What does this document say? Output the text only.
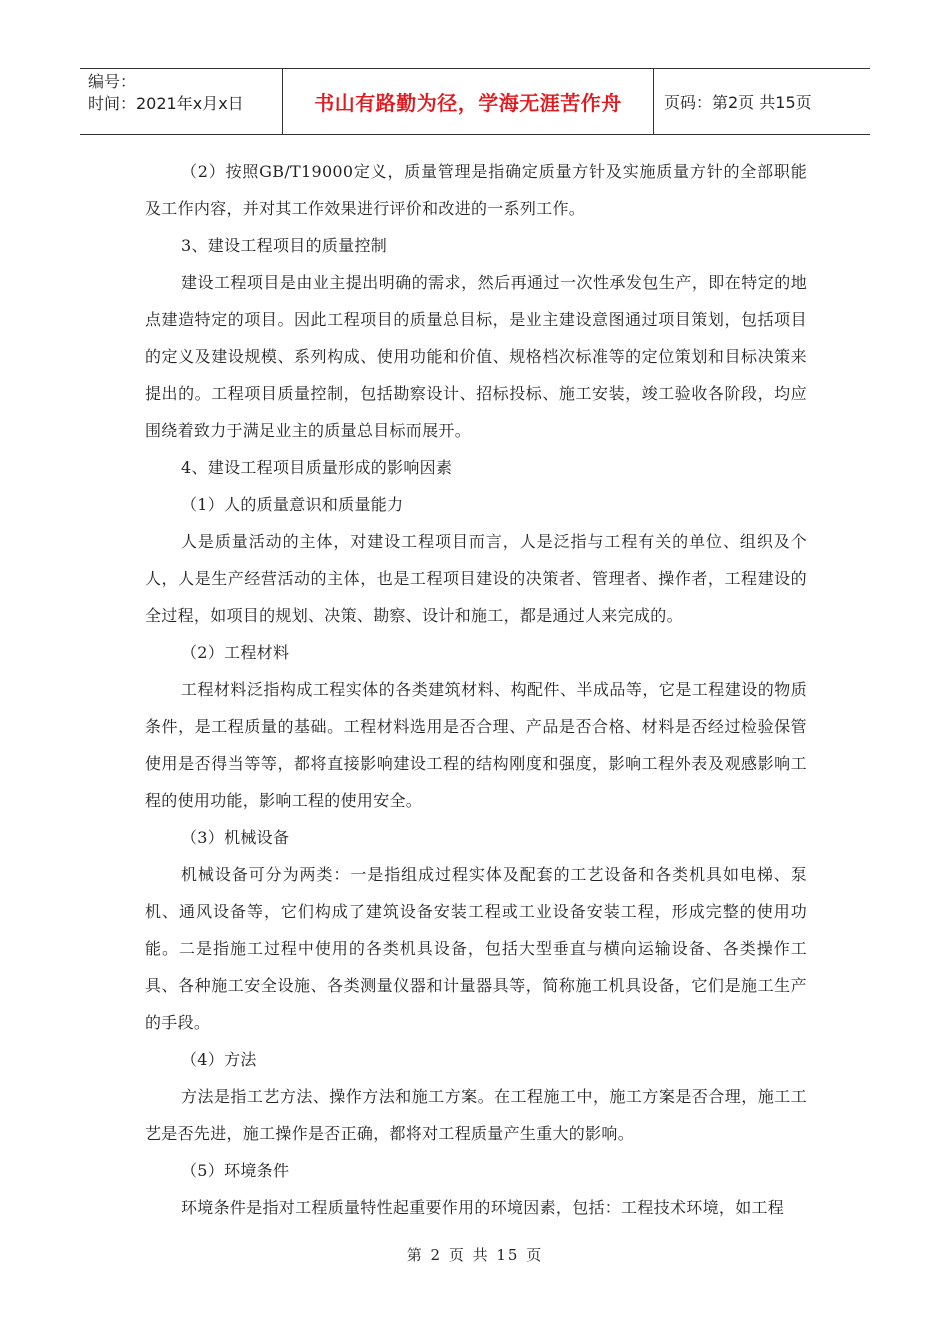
编号：
时间：2021年x月x日	书山有路勤为径，学海无涯苦作舟	页码：第2页 共15页

（2）按照GB/T19000定义，质量管理是指确定质量方针及实施质量方针的全部职能及工作内容，并对其工作效果进行评价和改进的一系列工作。

3、建设工程项目的质量控制

建设工程项目是由业主提出明确的需求，然后再通过一次性承发包生产，即在特定的地点建造特定的项目。因此工程项目的质量总目标，是业主建设意图通过项目策划，包括项目的定义及建设规模、系列构成、使用功能和价值、规格档次标准等的定位策划和目标决策来提出的。工程项目质量控制，包括勘察设计、招标投标、施工安装，竣工验收各阶段，均应围绕着致力于满足业主的质量总目标而展开。

4、建设工程项目质量形成的影响因素

（1）人的质量意识和质量能力

人是质量活动的主体，对建设工程项目而言，人是泛指与工程有关的单位、组织及个人，人是生产经营活动的主体，也是工程项目建设的决策者、管理者、操作者，工程建设的全过程，如项目的规划、决策、勘察、设计和施工，都是通过人来完成的。

（2）工程材料

工程材料泛指构成工程实体的各类建筑材料、构配件、半成品等，它是工程建设的物质条件，是工程质量的基础。工程材料选用是否合理、产品是否合格、材料是否经过检验保管使用是否得当等等，都将直接影响建设工程的结构刚度和强度，影响工程外表及观感影响工程的使用功能，影响工程的使用安全。

（3）机械设备

机械设备可分为两类：一是指组成过程实体及配套的工艺设备和各类机具如电梯、泵机、通风设备等，它们构成了建筑设备安装工程或工业设备安装工程，形成完整的使用功能。二是指施工过程中使用的各类机具设备，包括大型垂直与横向运输设备、各类操作工具、各种施工安全设施、各类测量仪器和计量器具等，简称施工机具设备，它们是施工生产的手段。

（4）方法

方法是指工艺方法、操作方法和施工方案。在工程施工中，施工方案是否合理，施工工艺是否先进，施工操作是否正确，都将对工程质量产生重大的影响。

（5）环境条件

环境条件是指对工程质量特性起重要作用的环境因素，包括：工程技术环境，如工程

第 2 页 共 15 页
